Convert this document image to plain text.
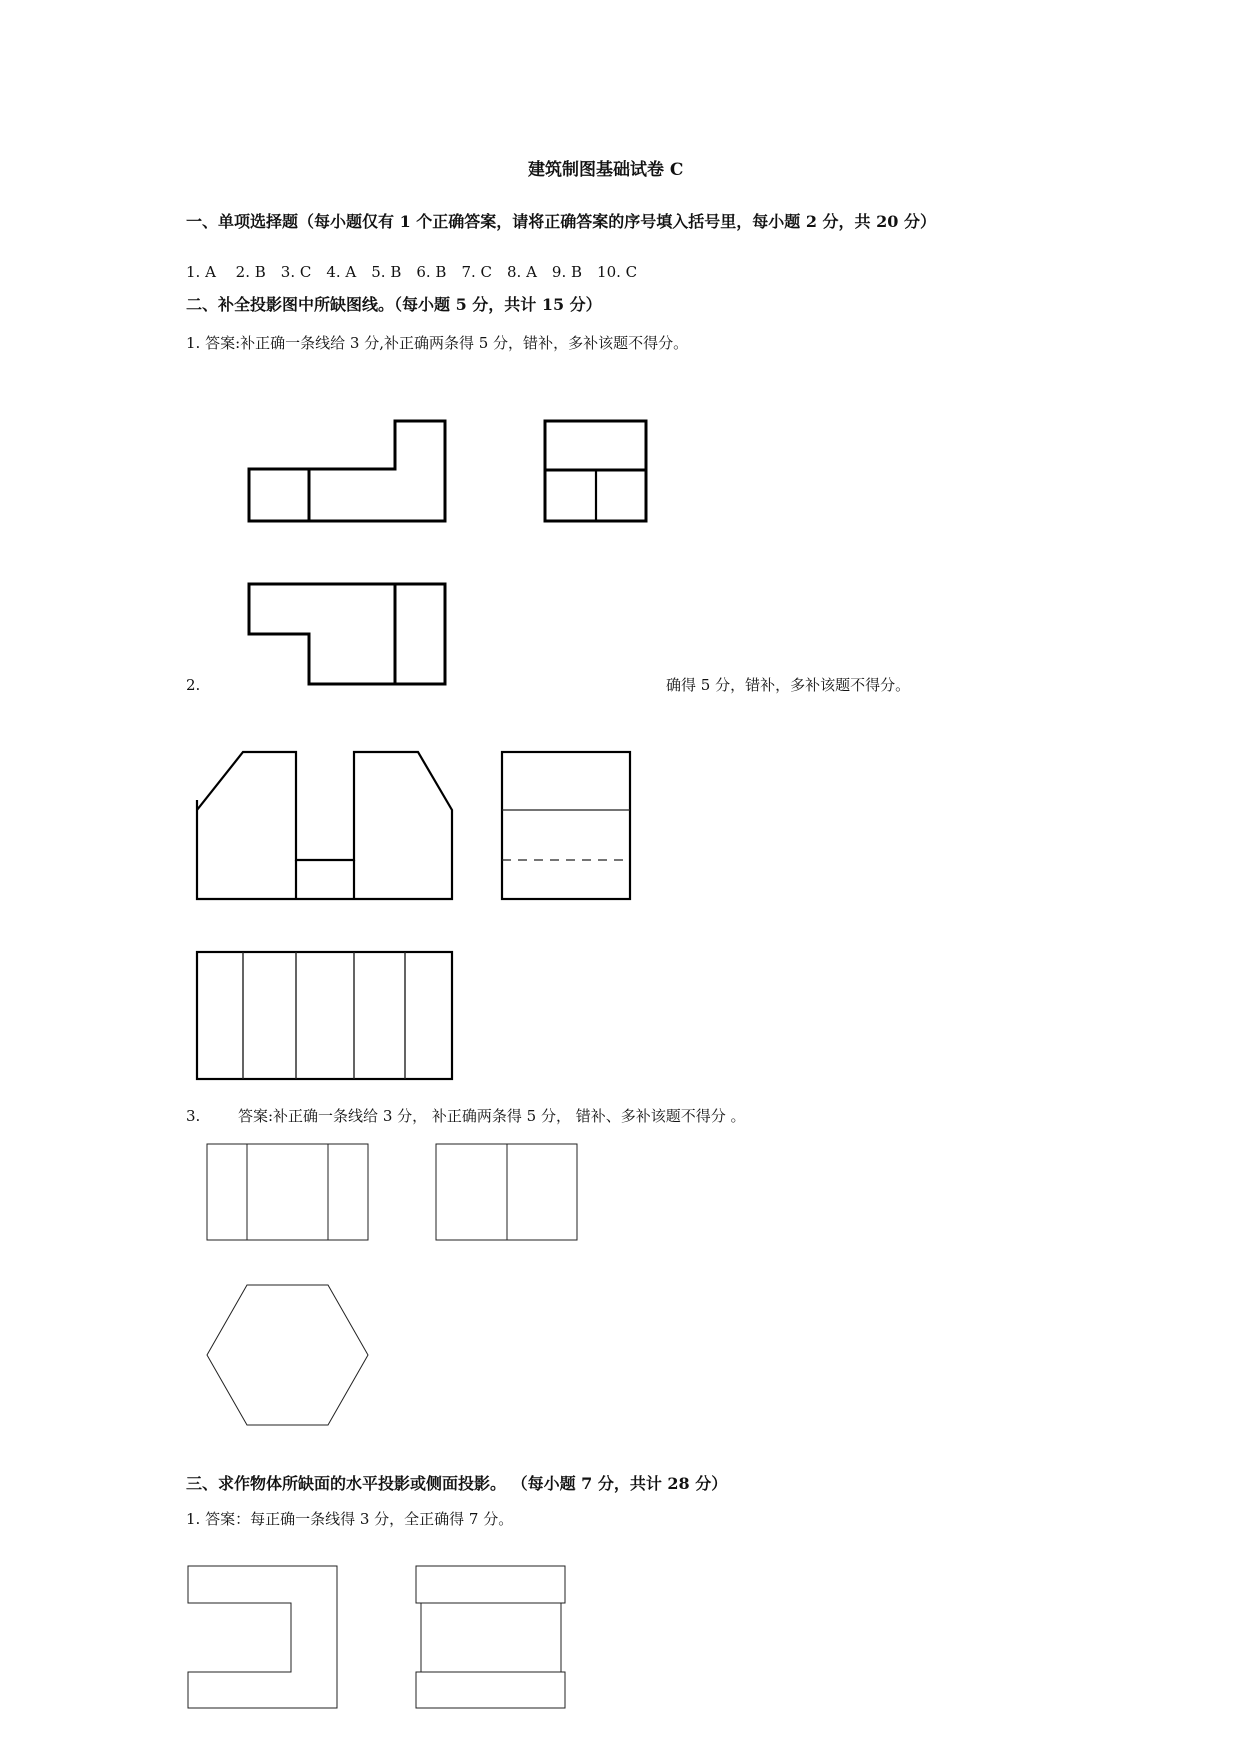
建筑制图基础试卷 C
一、单项选择题（每小题仅有 1 个正确答案，请将正确答案的序号填入括号里，每小题 2 分，共 20 分）
1. A　 2. B　3. C　4. A　5. B　6. B　7. C　8. A　9. B　10. C
二、补全投影图中所缺图线。（每小题 5 分，共计 15 分）
1. 答案:补正确一条线给 3 分,补正确两条得 5 分，错补，多补该题不得分。
2.	确得 5 分，错补，多补该题不得分。
3.	答案:补正确一条线给 3 分， 补正确两条得 5 分， 错补、多补该题不得分 。
三、求作物体所缺面的水平投影或侧面投影。 （每小题 7 分，共计 28 分）
1. 答案：每正确一条线得 3 分，全正确得 7 分。
